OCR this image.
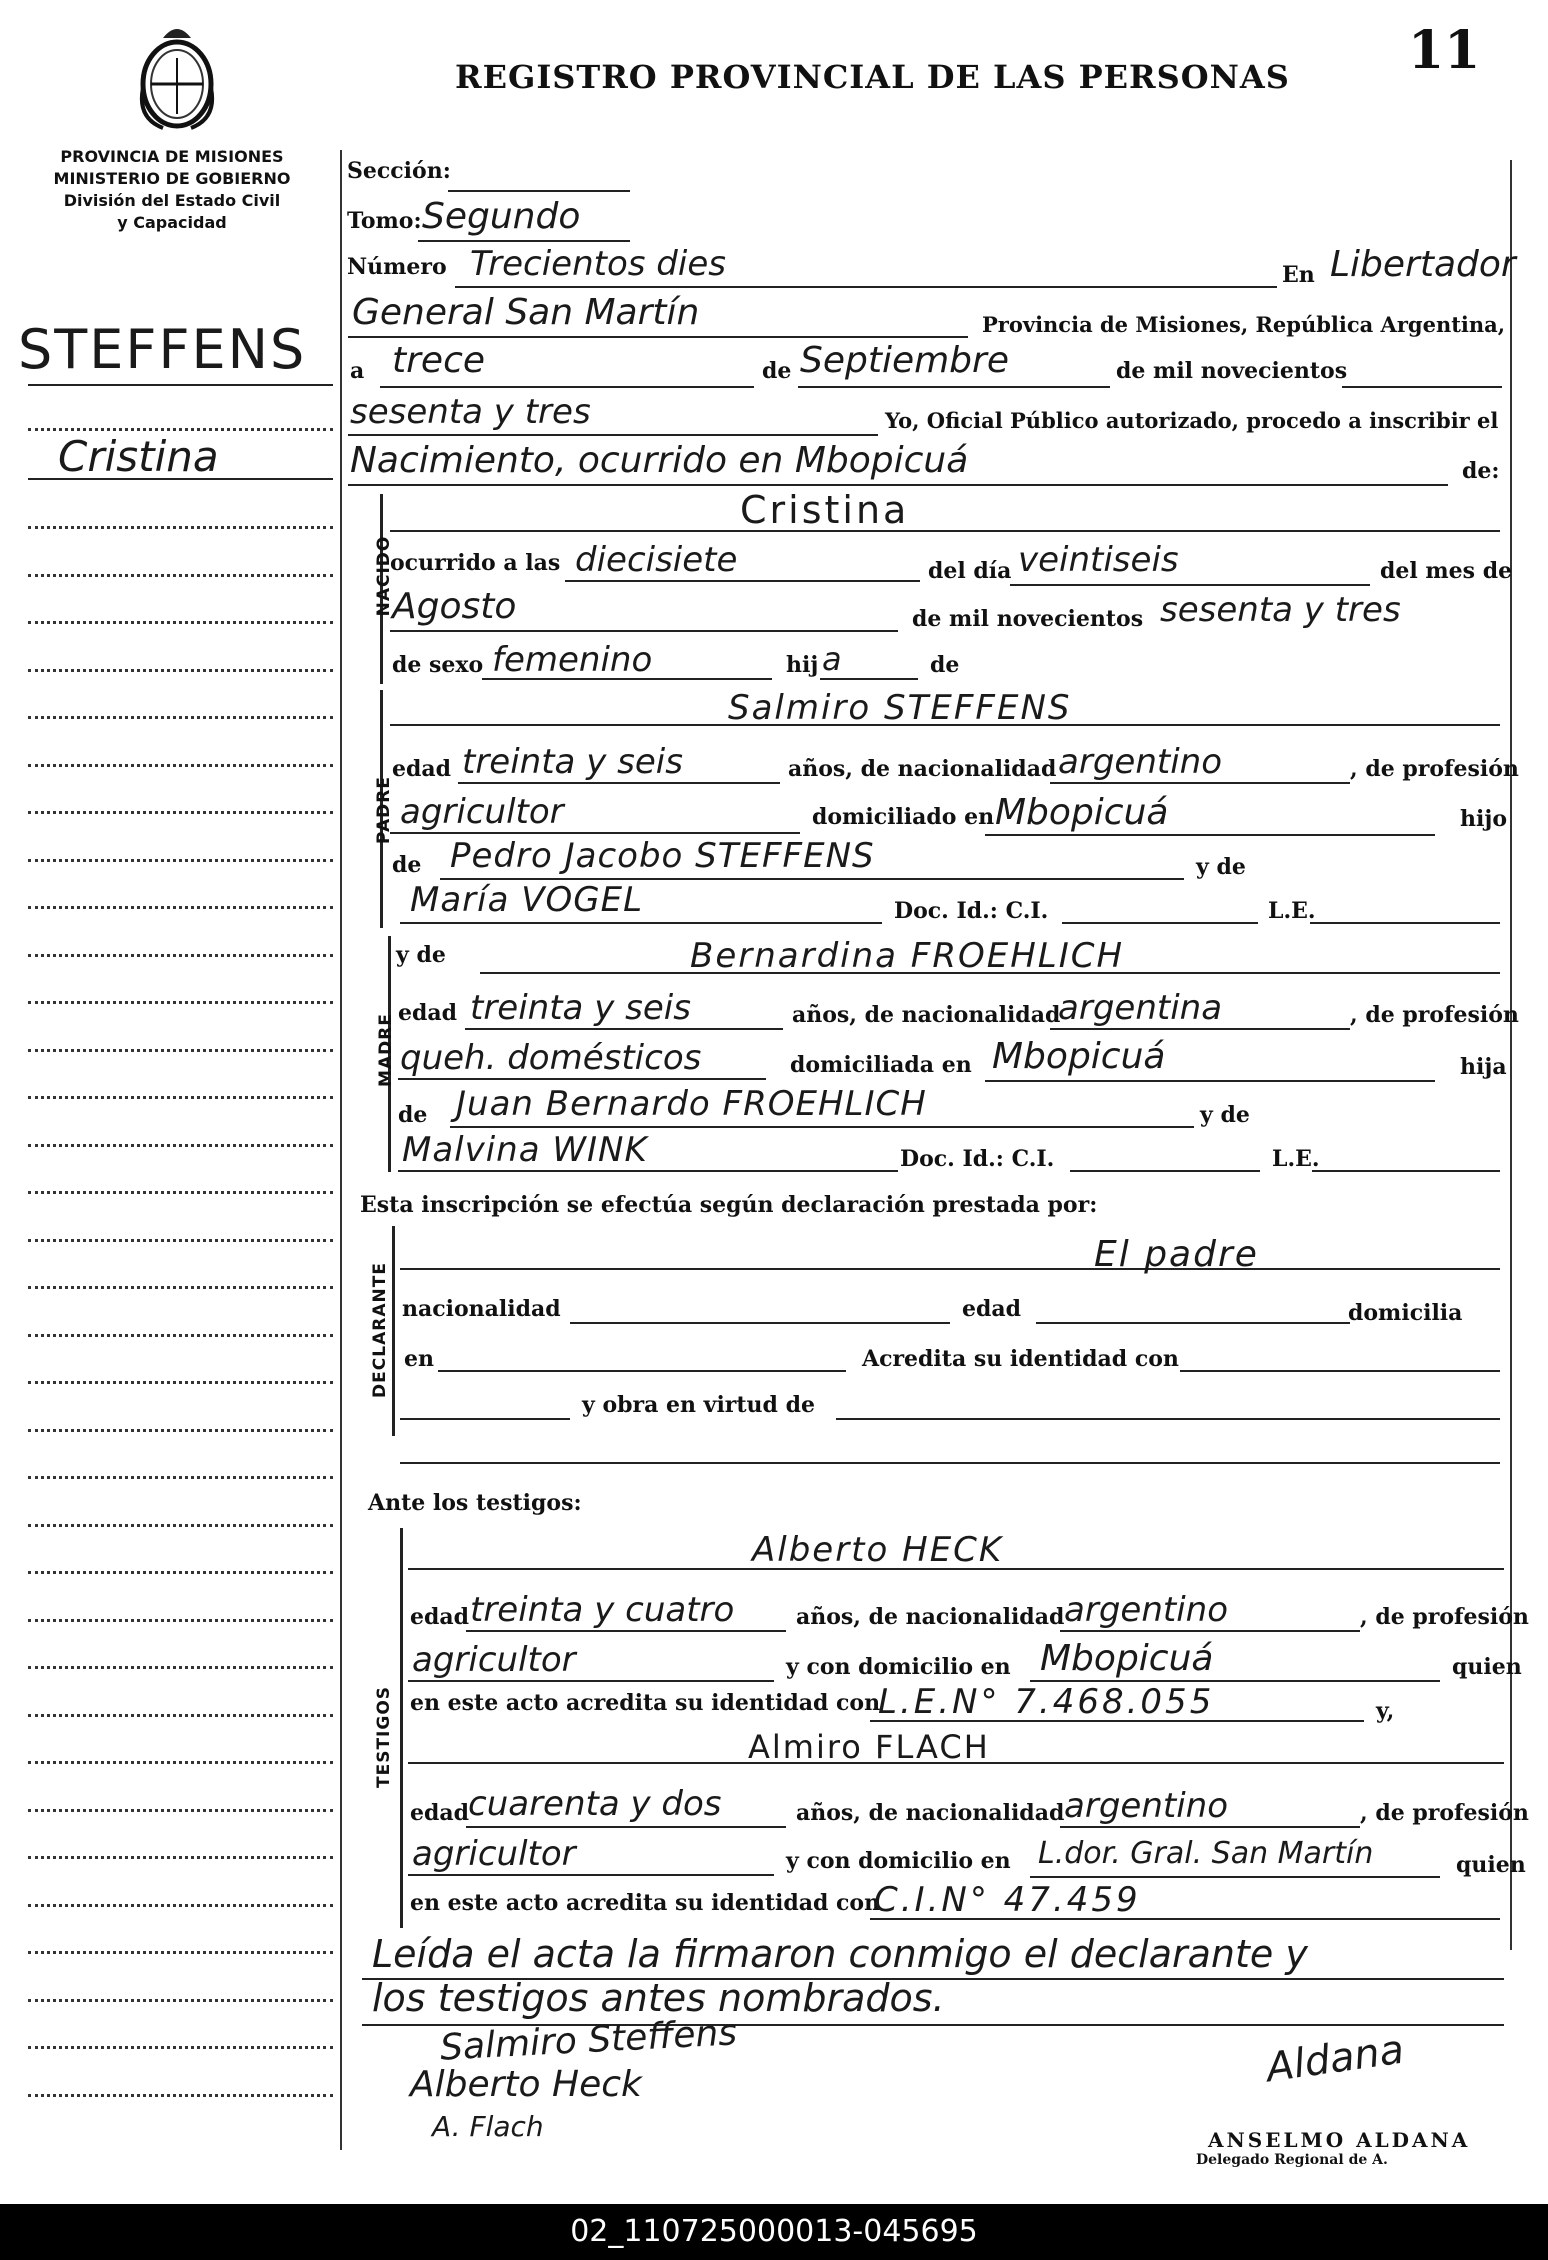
REGISTRO PROVINCIAL DE LAS PERSONAS 11
PROVINCIA DE MISIONES
MINISTERIO DE GOBIERNO
División del Estado Civil
y Capacidad
STEFFENS
Cristina
Sección:
Tomo: Segundo
Número Trecientos dies	En Libertador
General San Martín	Provincia de Misiones, República Argentina,
a trece	de Septiembre	de mil novecientos
sesenta y tres	Yo, Oficial Público autorizado, procedo a inscribir el
Nacimiento, ocurrido en Mbopicuá	de:
NACIDO
Cristina
ocurrido a las diecisiete	del día veintiseis	del mes de
Agosto	de mil novecientos sesenta y tres
de sexo femenino	hij a	de
PADRE
Salmiro STEFFENS
edad treinta y seis	años, de nacionalidad argentino	, de profesión
agricultor	domiciliado en Mbopicuá	hijo
de Pedro Jacobo STEFFENS	y de
María VOGEL	Doc. Id.: C.I.	L.E.
MADRE
y de	Bernardina FROEHLICH
edad treinta y seis	años, de nacionalidad
argentina	, de profesión
queh. domésticos	domiciliada en Mbopicuá	hija
de Juan Bernardo FROEHLICH	y de
Malvina WINK	Doc. Id.: C.I.	L.E.
Esta inscripción se efectúa según declaración prestada por:
DECLARANTE
El padre
nacionalidad	edad	domicilia
en	Acredita su identidad con
y obra en virtud de
Ante los testigos:
TESTIGOS
Alberto HECK
edad treinta y cuatro	años, de nacionalidad argentino	, de profesión
agricultor	y con domicilio en Mbopicuá	quien
en este acto acredita su identidad con
L.E.N° 7.468.055	y,
Almiro FLACH
edad
cuarenta y dos	años, de nacionalidad argentino	, de profesión
agricultor	y con domicilio en L.dor. Gral. San Martín	quien
en este acto acredita su identidad con
C.I.N° 47.459
Leída el acta la firmaron conmigo el declarante y
los testigos antes nombrados.
Salmiro Steffens
Alberto Heck
A. Flach
Aldana
ANSELMO ALDANA
Delegado Regional de A.
02_110725000013-045695
